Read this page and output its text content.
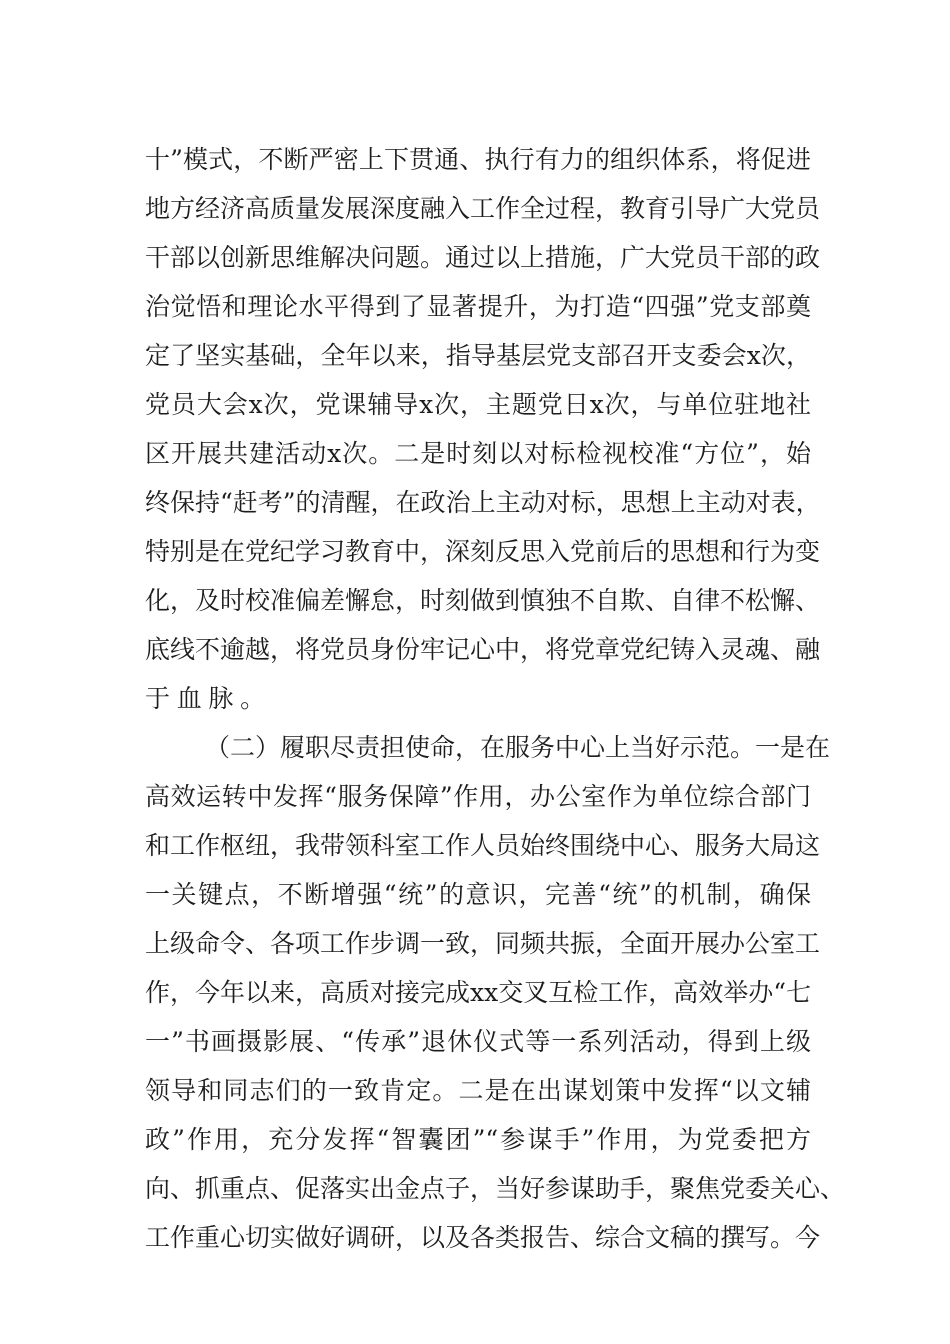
十”模式，不断严密上下贯通、执行有力的组织体系，将促进
地方经济高质量发展深度融入工作全过程，教育引导广大党员
干部以创新思维解决问题。通过以上措施，广大党员干部的政
治觉悟和理论水平得到了显著提升，为打造“四强”党支部奠
定了坚实基础，全年以来，指导基层党支部召开支委会x次，
党员大会x次，党课辅导x次，主题党日x次，与单位驻地社
区开展共建活动x次。二是时刻以对标检视校准“方位”，始
终保持“赶考”的清醒，在政治上主动对标，思想上主动对表，
特别是在党纪学习教育中，深刻反思入党前后的思想和行为变
化，及时校准偏差懈怠，时刻做到慎独不自欺、自律不松懈、
底线不逾越，将党员身份牢记心中，将党章党纪铸入灵魂、融
于血脉。
（二）履职尽责担使命，在服务中心上当好示范。一是在
高效运转中发挥“服务保障”作用，办公室作为单位综合部门
和工作枢纽，我带领科室工作人员始终围绕中心、服务大局这
一关键点，不断增强“统”的意识，完善“统”的机制，确保
上级命令、各项工作步调一致，同频共振，全面开展办公室工
作，今年以来，高质对接完成xx交叉互检工作，高效举办“七
一”书画摄影展、“传承”退休仪式等一系列活动，得到上级
领导和同志们的一致肯定。二是在出谋划策中发挥“以文辅
政”作用，充分发挥“智囊团”“参谋手”作用，为党委把方
向、抓重点、促落实出金点子，当好参谋助手，聚焦党委关心、
工作重心切实做好调研，以及各类报告、综合文稿的撰写。今
